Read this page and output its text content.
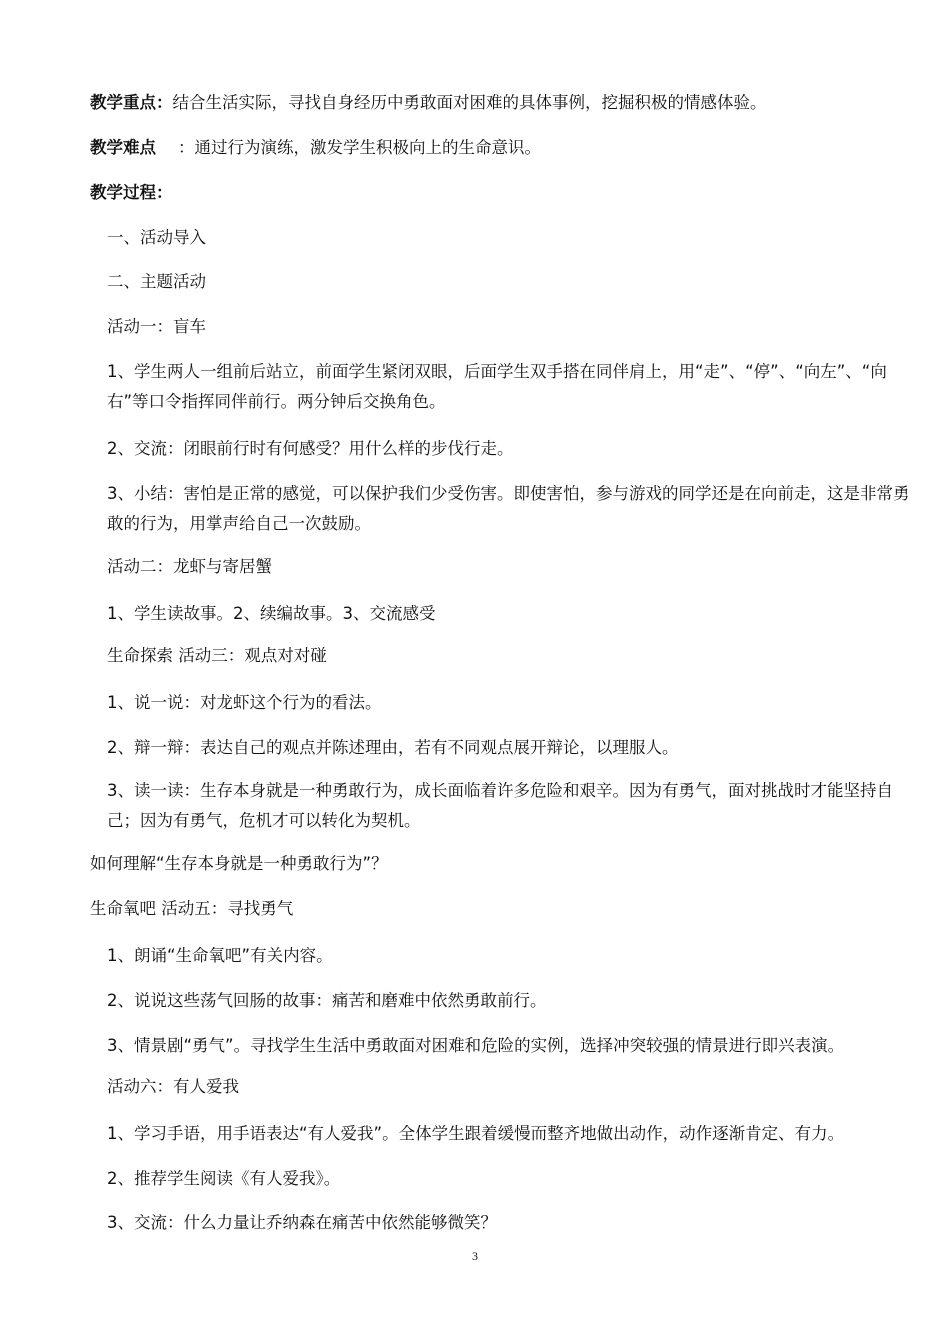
教学重点：结合生活实际，寻找自身经历中勇敢面对困难的具体事例，挖掘积极的情感体验。
教学难点 ：通过行为演练，激发学生积极向上的生命意识。
教学过程：
一、活动导入
二、主题活动
活动一：盲车
1、学生两人一组前后站立，前面学生紧闭双眼，后面学生双手搭在同伴肩上，用“走”、“停”、“向左”、“向右”等口令指挥同伴前行。两分钟后交换角色。
2、交流：闭眼前行时有何感受？用什么样的步伐行走。
3、小结：害怕是正常的感觉，可以保护我们少受伤害。即使害怕，参与游戏的同学还是在向前走，这是非常勇敢的行为，用掌声给自己一次鼓励。
活动二：龙虾与寄居蟹
1、学生读故事。2、续编故事。3、交流感受
生命探索 活动三：观点对对碰
1、说一说：对龙虾这个行为的看法。
2、辩一辩：表达自己的观点并陈述理由，若有不同观点展开辩论，以理服人。
3、读一读：生存本身就是一种勇敢行为，成长面临着许多危险和艰辛。因为有勇气，面对挑战时才能坚持自己；因为有勇气，危机才可以转化为契机。
如何理解“生存本身就是一种勇敢行为”？
生命氧吧 活动五：寻找勇气
1、朗诵“生命氧吧”有关内容。
2、说说这些荡气回肠的故事：痛苦和磨难中依然勇敢前行。
3、情景剧“勇气”。寻找学生生活中勇敢面对困难和危险的实例，选择冲突较强的情景进行即兴表演。
活动六：有人爱我
1、学习手语，用手语表达“有人爱我”。全体学生跟着缓慢而整齐地做出动作，动作逐渐肯定、有力。
2、推荐学生阅读《有人爱我》。
3、交流：什么力量让乔纳森在痛苦中依然能够微笑？
3
